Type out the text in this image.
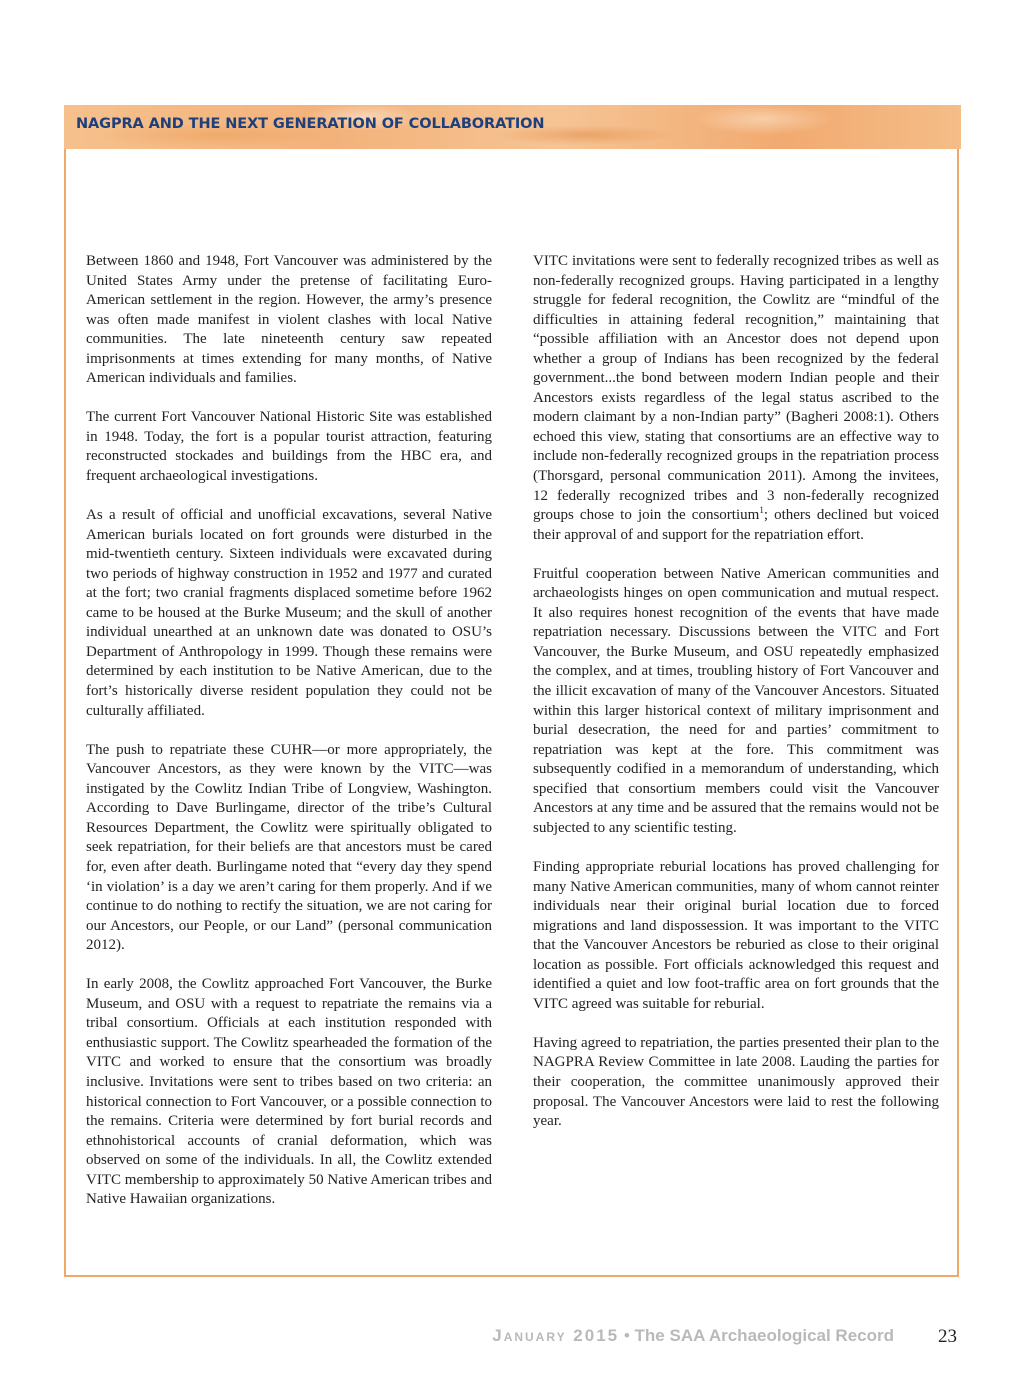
NAGPRA AND THE NEXT GENERATION OF COLLABORATION

Between 1860 and 1948, Fort Vancouver was administered by the United States Army under the pretense of facilitating Euro-American settlement in the region. However, the army’s presence was often made manifest in violent clashes with local Native communities. The late nineteenth century saw repeated imprisonments at times extending for many months, of Native American individuals and families.

The current Fort Vancouver National Historic Site was established in 1948. Today, the fort is a popular tourist attraction, featuring reconstructed stockades and buildings from the HBC era, and frequent archaeological investigations.

As a result of official and unofficial excavations, several Native American burials located on fort grounds were disturbed in the mid-twentieth century. Sixteen individuals were excavated during two periods of highway construction in 1952 and 1977 and curated at the fort; two cranial fragments displaced sometime before 1962 came to be housed at the Burke Museum; and the skull of another individual unearthed at an unknown date was donated to OSU’s Department of Anthropology in 1999. Though these remains were determined by each institution to be Native American, due to the fort’s historically diverse resident population they could not be culturally affiliated.

The push to repatriate these CUHR—or more appropriately, the Vancouver Ancestors, as they were known by the VITC—was instigated by the Cowlitz Indian Tribe of Longview, Washington. According to Dave Burlingame, director of the tribe’s Cultural Resources Department, the Cowlitz were spiritually obligated to seek repatriation, for their beliefs are that ancestors must be cared for, even after death. Burlingame noted that “every day they spend ‘in violation’ is a day we aren’t caring for them properly. And if we continue to do nothing to rectify the situation, we are not caring for our Ancestors, our People, or our Land” (personal communication 2012).

In early 2008, the Cowlitz approached Fort Vancouver, the Burke Museum, and OSU with a request to repatriate the remains via a tribal consortium. Officials at each institution responded with enthusiastic support. The Cowlitz spearheaded the formation of the VITC and worked to ensure that the consortium was broadly inclusive. Invitations were sent to tribes based on two criteria: an historical connection to Fort Vancouver, or a possible connection to the remains. Criteria were determined by fort burial records and ethnohistorical accounts of cranial deformation, which was observed on some of the individuals. In all, the Cowlitz extended VITC membership to approximately 50 Native American tribes and Native Hawaiian organizations.

VITC invitations were sent to federally recognized tribes as well as non-federally recognized groups. Having participated in a lengthy struggle for federal recognition, the Cowlitz are “mindful of the difficulties in attaining federal recognition,” maintaining that “possible affiliation with an Ancestor does not depend upon whether a group of Indians has been recognized by the federal government...the bond between modern Indian people and their Ancestors exists regardless of the legal status ascribed to the modern claimant by a non-Indian party” (Bagheri 2008:1). Others echoed this view, stating that consortiums are an effective way to include non-federally recognized groups in the repatriation process (Thorsgard, personal communication 2011). Among the invitees, 12 federally recognized tribes and 3 non-federally recognized groups chose to join the consortium$^1$; others declined but voiced their approval of and support for the repatriation effort.

Fruitful cooperation between Native American communities and archaeologists hinges on open communication and mutual respect. It also requires honest recognition of the events that have made repatriation necessary. Discussions between the VITC and Fort Vancouver, the Burke Museum, and OSU repeatedly emphasized the complex, and at times, troubling history of Fort Vancouver and the illicit excavation of many of the Vancouver Ancestors. Situated within this larger historical context of military imprisonment and burial desecration, the need for and parties’ commitment to repatriation was kept at the fore. This commitment was subsequently codified in a memorandum of understanding, which specified that consortium members could visit the Vancouver Ancestors at any time and be assured that the remains would not be subjected to any scientific testing.

Finding appropriate reburial locations has proved challenging for many Native American communities, many of whom cannot reinter individuals near their original burial location due to forced migrations and land dispossession. It was important to the VITC that the Vancouver Ancestors be reburied as close to their original location as possible. Fort officials acknowledged this request and identified a quiet and low foot-traffic area on fort grounds that the VITC agreed was suitable for reburial.

Having agreed to repatriation, the parties presented their plan to the NAGPRA Review Committee in late 2008. Lauding the parties for their cooperation, the committee unanimously approved their proposal. The Vancouver Ancestors were laid to rest the following year.

January 2015 • The SAA Archaeological Record 23
